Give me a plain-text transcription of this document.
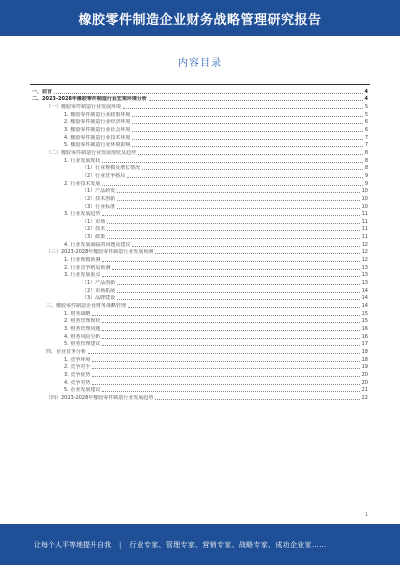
橡胶零件制造企业财务战略管理研究报告
内容目录
一、前言	4
二、2023-2028年橡胶零件制造行业宏观环境分析	4
（一）橡胶零件制造行业发展环境	5
1. 橡胶零件制造行业政策环境	5
2. 橡胶零件制造行业经济环境	6
3. 橡胶零件制造行业社会环境	6
4. 橡胶零件制造行业技术环境	7
5. 橡胶零件制造行业环境影响	7
（二）橡胶零件制造行业发展现状及趋势	8
1. 行业发展现状	8
（1）行业规模及增长情况	8
（2）行业竞争格局	9
2. 行业技术发展	9
（1）产品研发	10
（2）技术创新	10
（3）行业标准	10
3. 行业发展趋势	11
（1）市场	11
（2）技术	11
（3）政策	11
4. 行业发展面临的问题及建议	12
（三）2023-2028年橡胶零件制造行业发展预测	12
1. 行业规模预测	12
2. 行业竞争格局预测	13
3. 行业发展重点	13
（1）产品创新	13
（2）市场拓展	14
（3）品牌建设	14
三、橡胶零件制造企业财务战略管理	14
1. 财务战略	15
2. 财务管理现状	15
3. 财务管理问题	16
4. 财务风险分析	16
5. 财务管理建议	17
四、企业竞争分析	18
1. 竞争环境	18
2. 竞争对手	19
3. 竞争优势	20
4. 竞争劣势	20
5. 企业发展建议	21
（四）2023-2028年橡胶零件制造行业发展趋势	22
1
让每个人平等地提升自我 | 行业专家、管理专家、营销专家、战略专家、成功企业家……
